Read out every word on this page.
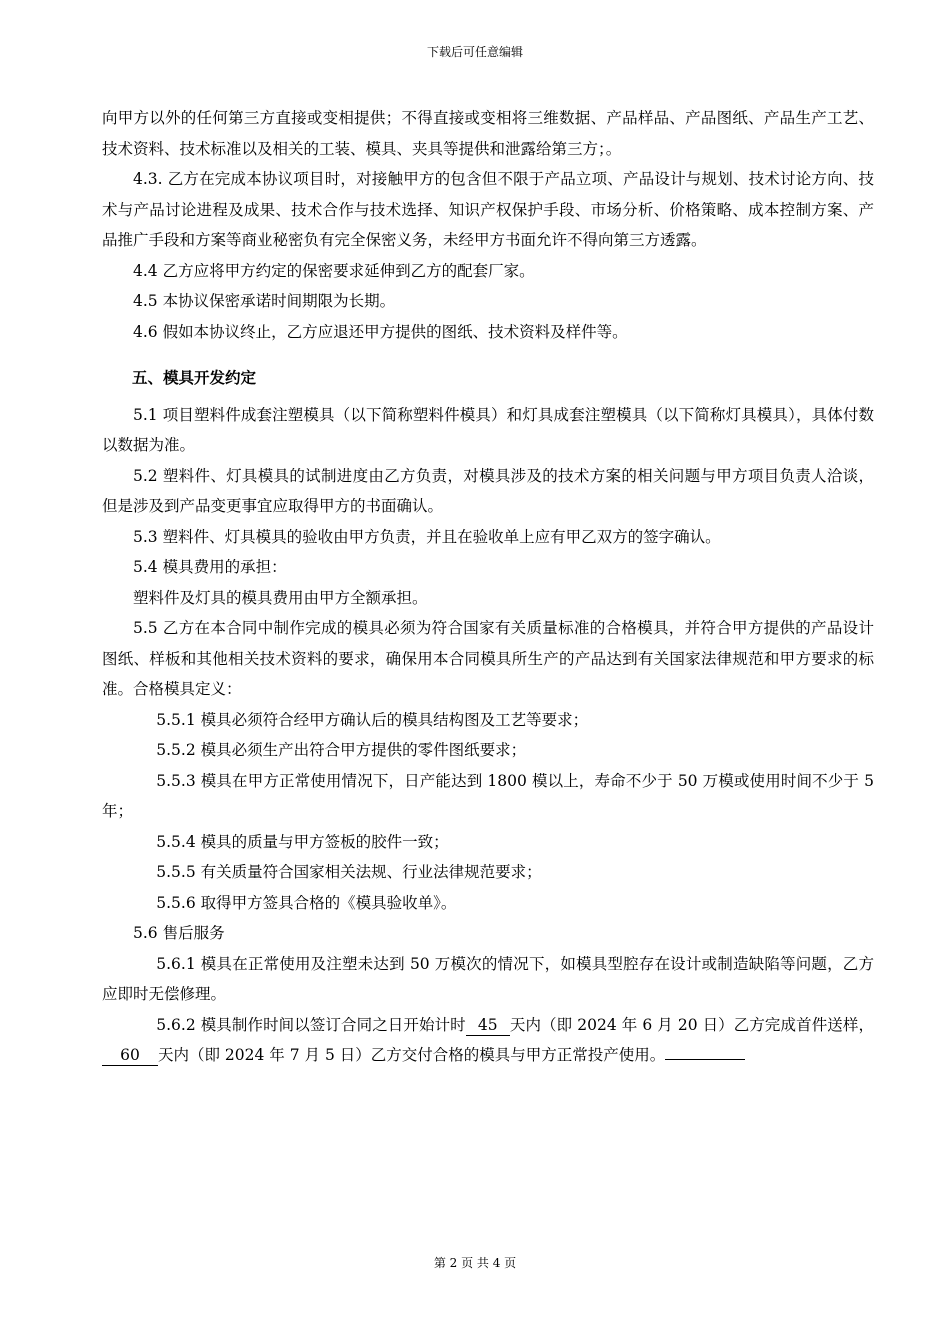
下载后可任意编辑

向甲方以外的任何第三方直接或变相提供；不得直接或变相将三维数据、产品样品、产品图纸、产品生产工艺、技术资料、技术标准以及相关的工装、模具、夹具等提供和泄露给第三方；。

4.3. 乙方在完成本协议项目时，对接触甲方的包含但不限于产品立项、产品设计与规划、技术讨论方向、技术与产品讨论进程及成果、技术合作与技术选择、知识产权保护手段、市场分析、价格策略、成本控制方案、产品推广手段和方案等商业秘密负有完全保密义务，未经甲方书面允许不得向第三方透露。

4.4 乙方应将甲方约定的保密要求延伸到乙方的配套厂家。

4.5 本协议保密承诺时间期限为长期。

4.6 假如本协议终止，乙方应退还甲方提供的图纸、技术资料及样件等。

五、模具开发约定

5.1 项目塑料件成套注塑模具（以下简称塑料件模具）和灯具成套注塑模具（以下简称灯具模具），具体付数以数据为准。

5.2 塑料件、灯具模具的试制进度由乙方负责，对模具涉及的技术方案的相关问题与甲方项目负责人洽谈，但是涉及到产品变更事宜应取得甲方的书面确认。

5.3 塑料件、灯具模具的验收由甲方负责，并且在验收单上应有甲乙双方的签字确认。

5.4 模具费用的承担：

塑料件及灯具的模具费用由甲方全额承担。

5.5 乙方在本合同中制作完成的模具必须为符合国家有关质量标准的合格模具，并符合甲方提供的产品设计图纸、样板和其他相关技术资料的要求，确保用本合同模具所生产的产品达到有关国家法律规范和甲方要求的标准。合格模具定义：

5.5.1 模具必须符合经甲方确认后的模具结构图及工艺等要求；

5.5.2 模具必须生产出符合甲方提供的零件图纸要求；

5.5.3 模具在甲方正常使用情况下，日产能达到 1800 模以上，寿命不少于 50 万模或使用时间不少于 5 年；

5.5.4 模具的质量与甲方签板的胶件一致；

5.5.5 有关质量符合国家相关法规、行业法律规范要求；

5.5.6 取得甲方签具合格的《模具验收单》。

5.6 售后服务

5.6.1 模具在正常使用及注塑未达到 50 万模次的情况下，如模具型腔存在设计或制造缺陷等问题，乙方应即时无偿修理。

5.6.2 模具制作时间以签订合同之日开始计时 45 天内（即 2024 年 6 月 20 日）乙方完成首件送样，60 天内（即 2024 年 7 月 5 日）乙方交付合格的模具与甲方正常投产使用。

第 2 页 共 4 页
